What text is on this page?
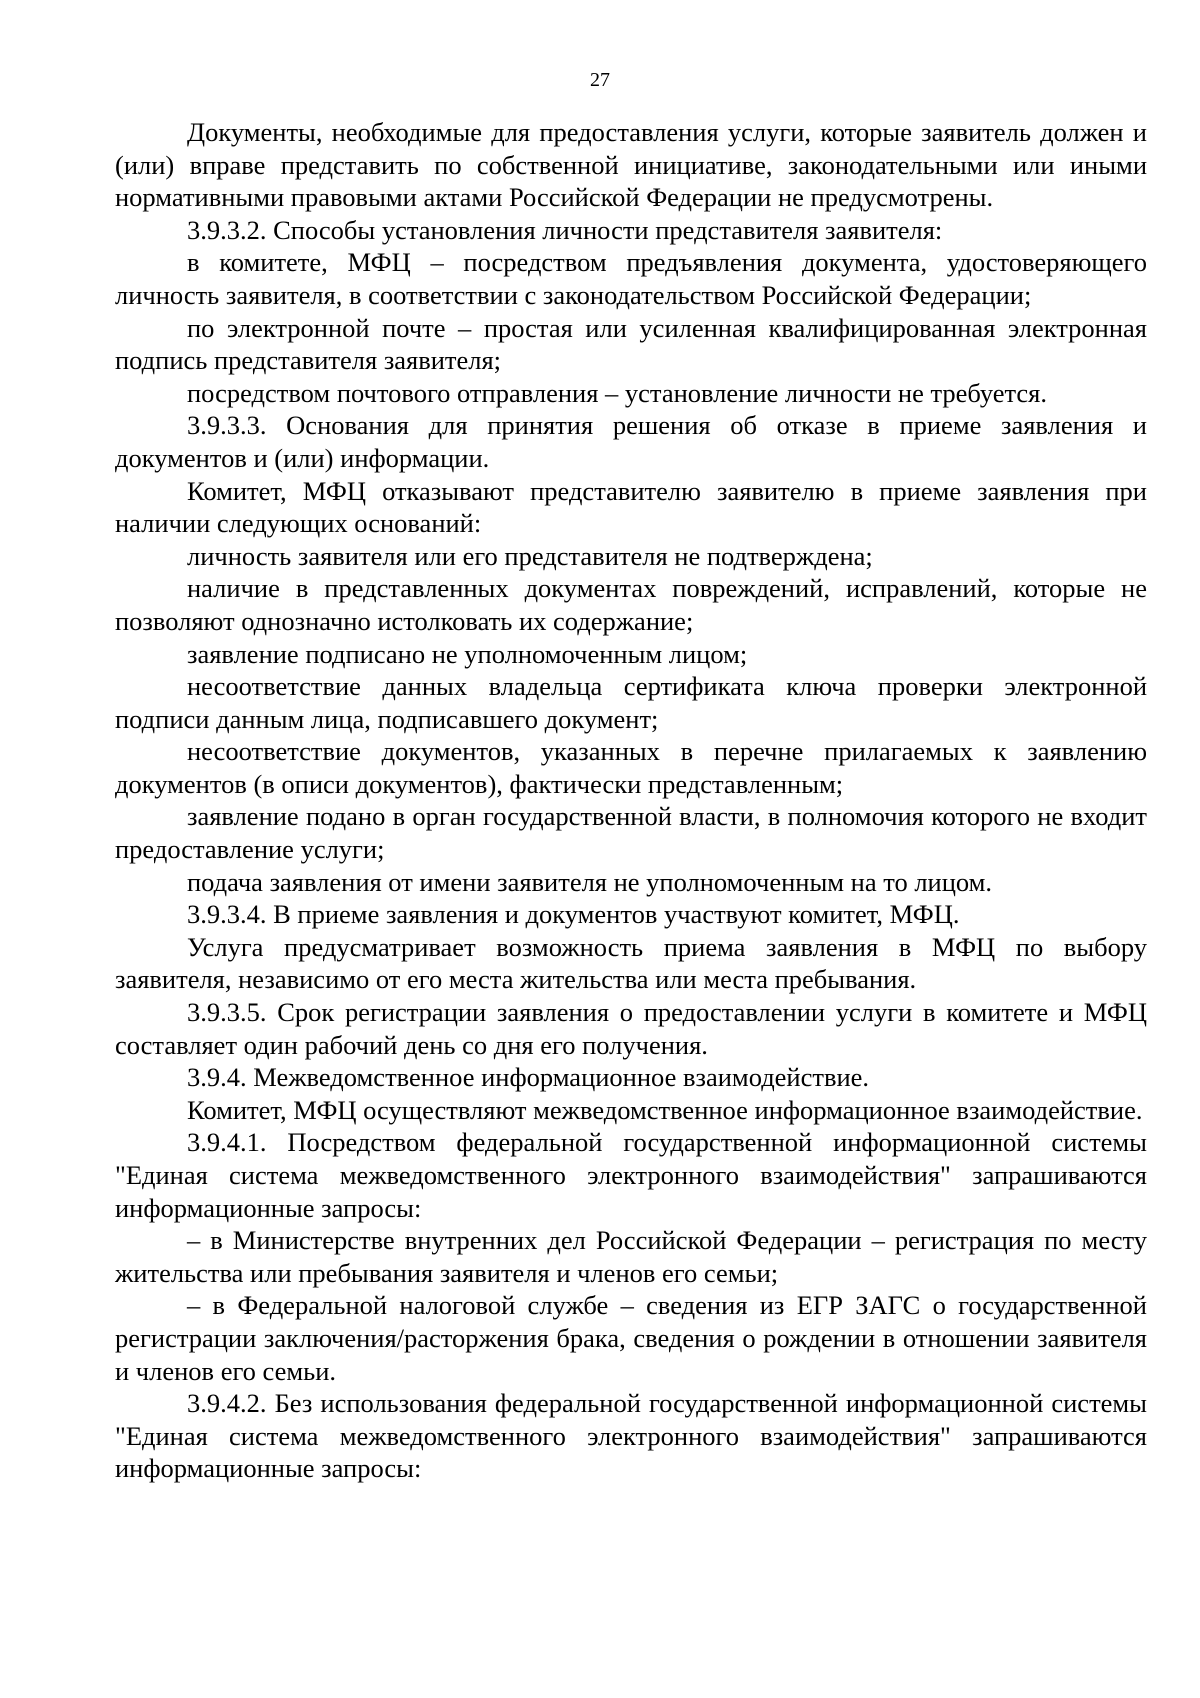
27

Документы, необходимые для предоставления услуги, которые заявитель должен и (или) вправе представить по собственной инициативе, законодательными или иными нормативными правовыми актами Российской Федерации не предусмотрены.

3.9.3.2. Способы установления личности представителя заявителя:

в комитете, МФЦ – посредством предъявления документа, удостоверяющего личность заявителя, в соответствии с законодательством Российской Федерации;

по электронной почте – простая или усиленная квалифицированная электронная подпись представителя заявителя;

посредством почтового отправления – установление личности не требуется.

3.9.3.3. Основания для принятия решения об отказе в приеме заявления и документов и (или) информации.

Комитет, МФЦ отказывают представителю заявителю в приеме заявления при наличии следующих оснований:

личность заявителя или его представителя не подтверждена;

наличие в представленных документах повреждений, исправлений, которые не позволяют однозначно истолковать их содержание;

заявление подписано не уполномоченным лицом;

несоответствие данных владельца сертификата ключа проверки электронной подписи данным лица, подписавшего документ;

несоответствие документов, указанных в перечне прилагаемых к заявлению документов (в описи документов), фактически представленным;

заявление подано в орган государственной власти, в полномочия которого не входит предоставление услуги;

подача заявления от имени заявителя не уполномоченным на то лицом.

3.9.3.4. В приеме заявления и документов участвуют комитет, МФЦ.

Услуга предусматривает возможность приема заявления в МФЦ по выбору заявителя, независимо от его места жительства или места пребывания.

3.9.3.5. Срок регистрации заявления о предоставлении услуги в комитете и МФЦ составляет один рабочий день со дня его получения.

3.9.4. Межведомственное информационное взаимодействие.

Комитет, МФЦ осуществляют межведомственное информационное взаимодействие.

3.9.4.1. Посредством федеральной государственной информационной системы "Единая система межведомственного электронного взаимодействия" запрашиваются информационные запросы:

– в Министерстве внутренних дел Российской Федерации – регистрация по месту жительства или пребывания заявителя и членов его семьи;

– в Федеральной налоговой службе – сведения из ЕГР ЗАГС о государственной регистрации заключения/расторжения брака, сведения о рождении в отношении заявителя и членов его семьи.

3.9.4.2. Без использования федеральной государственной информационной системы "Единая система межведомственного электронного взаимодействия" запрашиваются информационные запросы:
